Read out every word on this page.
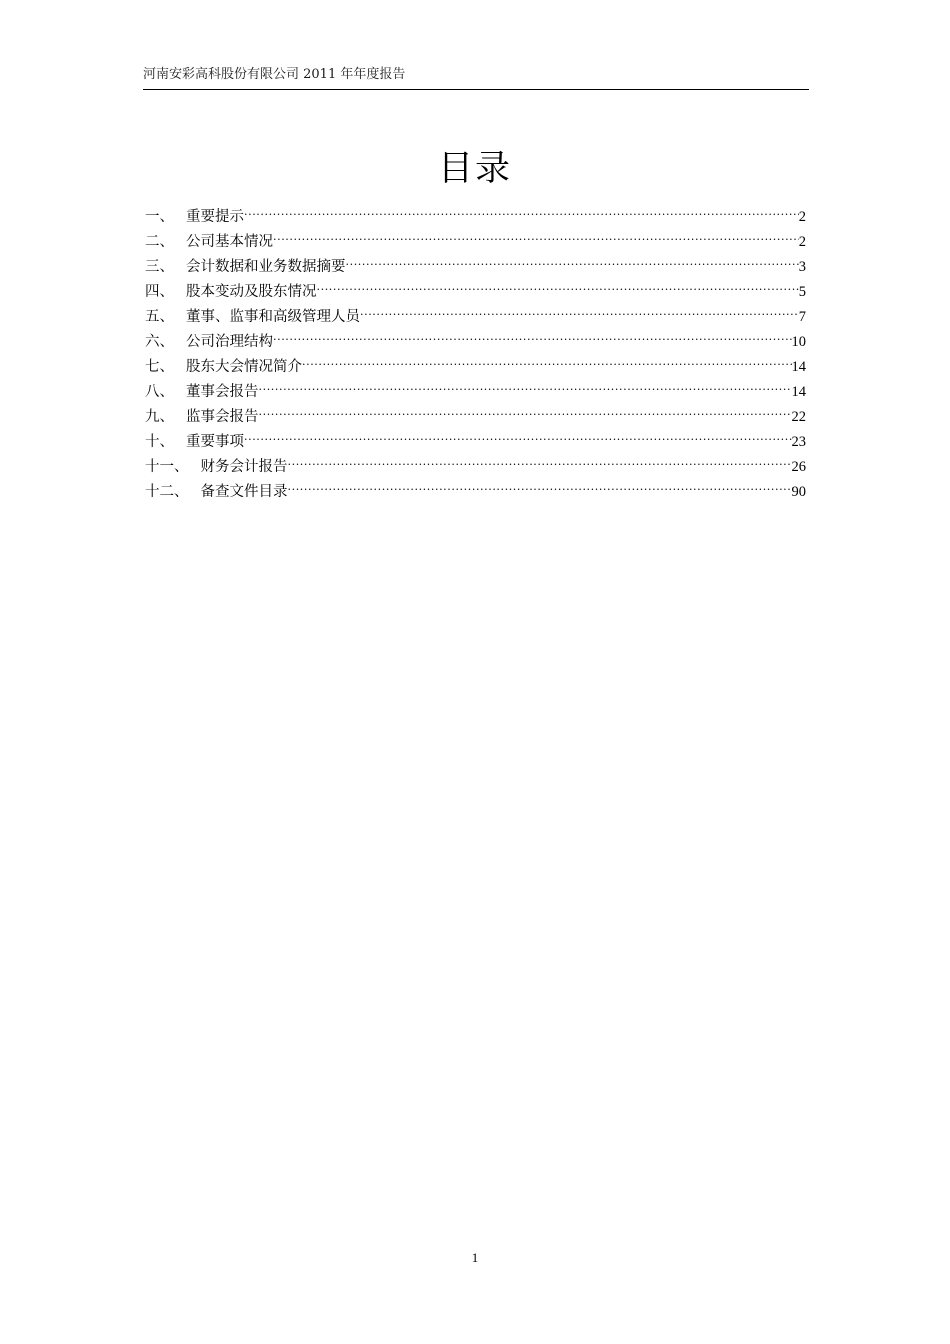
河南安彩高科股份有限公司 2011 年年度报告
目录
一、 重要提示 .....	2
二、 公司基本情况 .....	2
三、 会计数据和业务数据摘要 .....	3
四、 股本变动及股东情况 .....	5
五、 董事、监事和高级管理人员 .....	7
六、 公司治理结构 .....	10
七、 股东大会情况简介 .....	14
八、 董事会报告 .....	14
九、 监事会报告 .....	22
十、 重要事项 .....	23
十一、 财务会计报告 .....	26
十二、 备查文件目录 .....	90
1
